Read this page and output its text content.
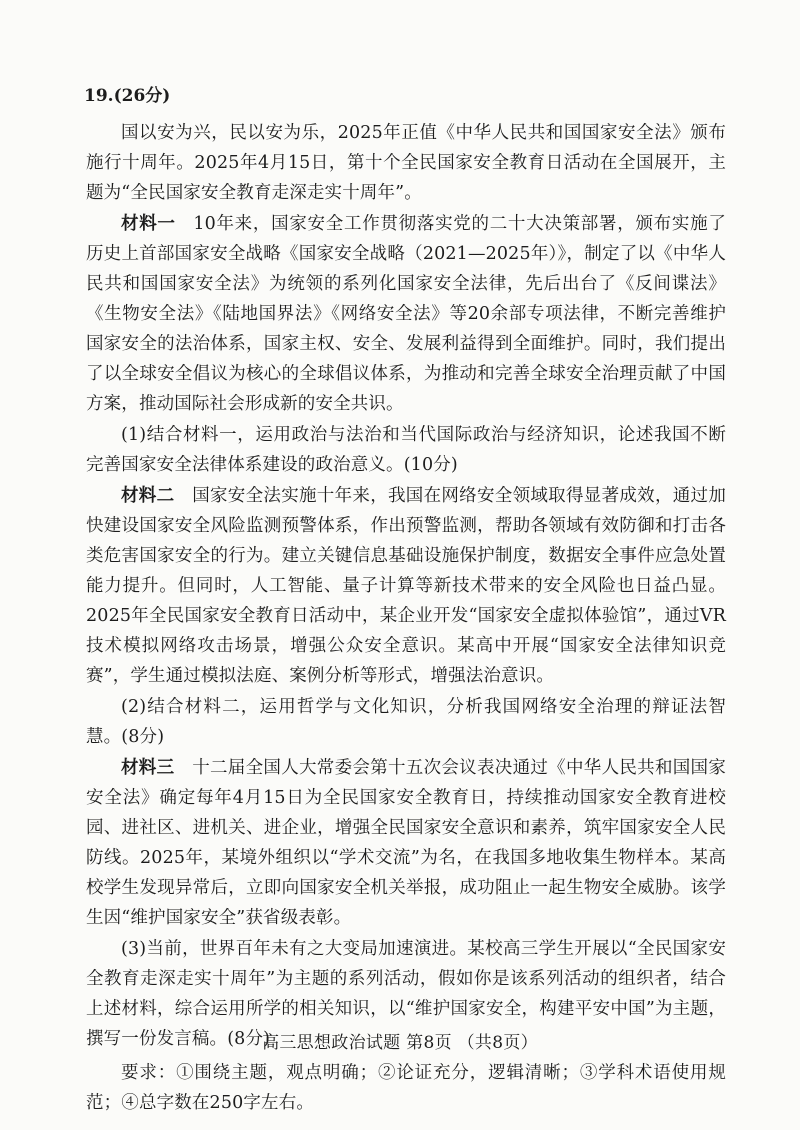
19.(26分)

国以安为兴，民以安为乐，2025年正值《中华人民共和国国家安全法》颁布施行十周年。2025年4月15日，第十个全民国家安全教育日活动在全国展开，主题为“全民国家安全教育走深走实十周年”。

材料一  10年来，国家安全工作贯彻落实党的二十大决策部署，颁布实施了历史上首部国家安全战略《国家安全战略（2021—2025年）》，制定了以《中华人民共和国国家安全法》为统领的系列化国家安全法律，先后出台了《反间谍法》《生物安全法》《陆地国界法》《网络安全法》等20余部专项法律，不断完善维护国家安全的法治体系，国家主权、安全、发展利益得到全面维护。同时，我们提出了以全球安全倡议为核心的全球倡议体系，为推动和完善全球安全治理贡献了中国方案，推动国际社会形成新的安全共识。

(1)结合材料一，运用政治与法治和当代国际政治与经济知识，论述我国不断完善国家安全法律体系建设的政治意义。(10分)

材料二  国家安全法实施十年来，我国在网络安全领域取得显著成效，通过加快建设国家安全风险监测预警体系，作出预警监测，帮助各领域有效防御和打击各类危害国家安全的行为。建立关键信息基础设施保护制度，数据安全事件应急处置能力提升。但同时，人工智能、量子计算等新技术带来的安全风险也日益凸显。2025年全民国家安全教育日活动中，某企业开发“国家安全虚拟体验馆”，通过VR技术模拟网络攻击场景，增强公众安全意识。某高中开展“国家安全法律知识竞赛”，学生通过模拟法庭、案例分析等形式，增强法治意识。

(2)结合材料二，运用哲学与文化知识，分析我国网络安全治理的辩证法智慧。(8分)

材料三  十二届全国人大常委会第十五次会议表决通过《中华人民共和国国家安全法》确定每年4月15日为全民国家安全教育日，持续推动国家安全教育进校园、进社区、进机关、进企业，增强全民国家安全意识和素养，筑牢国家安全人民防线。2025年，某境外组织以“学术交流”为名，在我国多地收集生物样本。某高校学生发现异常后，立即向国家安全机关举报，成功阻止一起生物安全威胁。该学生因“维护国家安全”获省级表彰。

(3)当前，世界百年未有之大变局加速演进。某校高三学生开展以“全民国家安全教育走深走实十周年”为主题的系列活动，假如你是该系列活动的组织者，结合上述材料，综合运用所学的相关知识，以“维护国家安全，构建平安中国”为主题，撰写一份发言稿。(8分)

要求：①围绕主题，观点明确；②论证充分，逻辑清晰；③学科术语使用规范；④总字数在250字左右。

高三思想政治试题 第8页 （共8页）
